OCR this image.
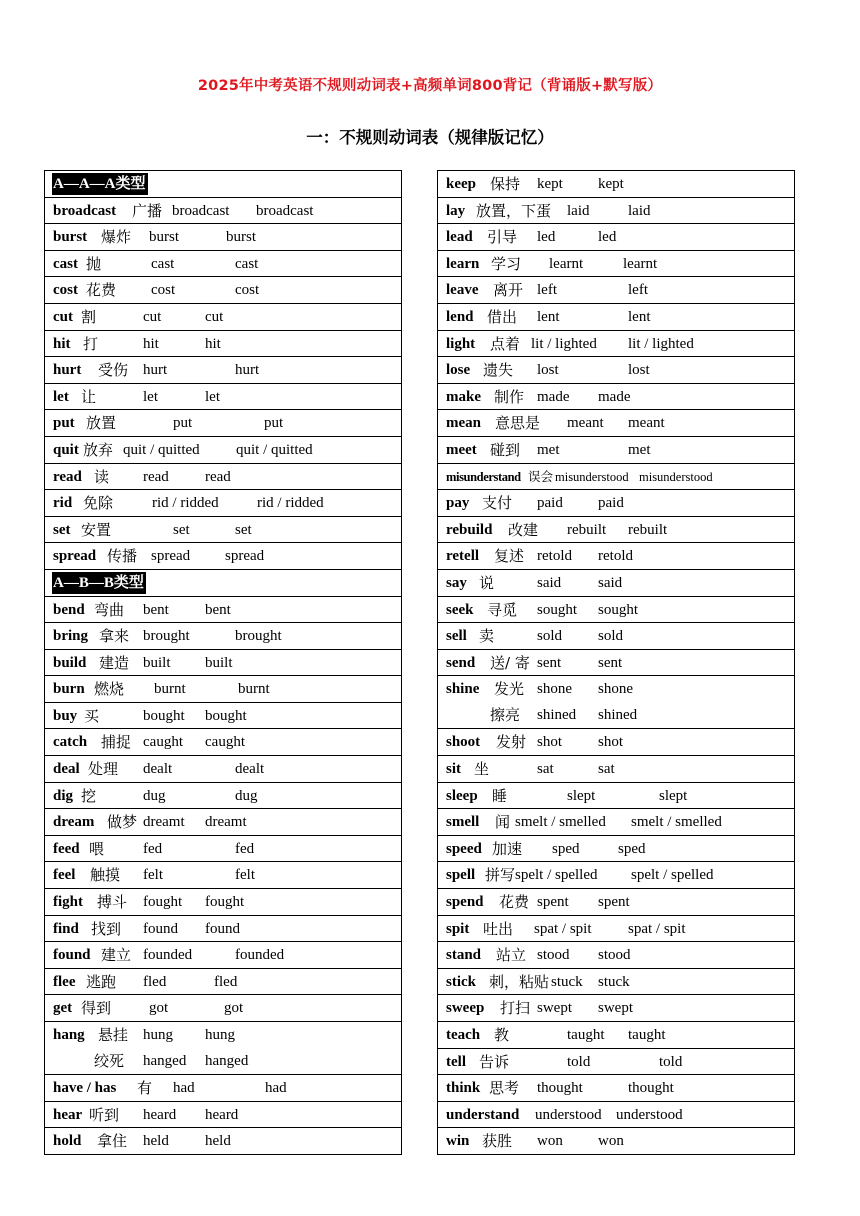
2025年中考英语不规则动词表+高频单词800背记（背诵版+默写版）
一：不规则动词表（规律版记忆）
A—A—A类型
broadcast 广播 broadcast broadcast
burst 爆炸 burst	burst
cast 抛	cast	cast
cost 花费 cost	cost
cut 割	cut	cut
hit 打	hit	hit
hurt 受伤 hurt	hurt
let 让	let	let
put 放置	put	put
quit 放弃 quit / quitted quit / quitted
read 读 read read
rid 免除	rid / ridded	rid / ridded
set 安置	set	set
spread 传播 spread spread
A—B—B类型
bend 弯曲 bent bent
bring 拿来 brought	brought
build 建造 built built
burn 燃烧 burnt	burnt
buy 买	bought bought
catch 捕捉 caught caught
deal 处理 dealt	dealt
dig 挖	dug	dug
dream 做梦 dreamt dreamt
feed 喂	fed	fed
feel 触摸 felt	felt
fight 搏斗 fought fought
find 找到 found found
found 建立 founded	founded
flee 逃跑 fled	fled
get 得到	got	got
hang 悬挂 hung hung
绞死 hanged hanged
have / has 有 had	had
hear 听到 heard heard
hold 拿住 held held
keep 保持 kept kept
lay 放置，下蛋 laid	laid
lead 引导 led	led
learn 学习 learnt	learnt
leave 离开 left	left
lend 借出 lent	lent
light 点着 lit / lighted lit / lighted
lose 遗失 lost	lost
make 制作 made made
mean 意思是 meant meant
meet 碰到 met	met
misunderstand 误会 misunderstood misunderstood
pay 支付 paid paid
rebuild 改建 rebuilt rebuilt
retell 复述 retold retold
say 说	said said
seek 寻觅 sought sought
sell 卖	sold sold
send 送/ 寄 sent sent
shine 发光 shone shone
擦亮 shined shined
shoot 发射 shot shot
sit 坐	sat	sat
sleep 睡	slept	slept
smell 闻 smelt / smelled smelt / smelled
speed 加速 sped	sped
spell 拼写 spelt / spelled spelt / spelled
spend 花费 spent spent
spit 吐出 spat / spit spat / spit
stand 站立 stood stood
stick 刺，粘贴 stuck stuck
sweep 打扫 swept swept
teach 教	taught taught
tell 告诉	told	told
think 思考 thought	thought
understand understood understood
win 获胜 won won
